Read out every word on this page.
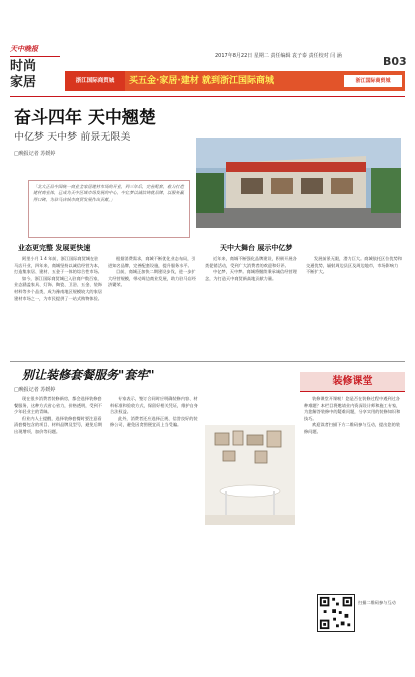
天中晚报
时尚
家居
2017年8月22日 星期二 责任编辑 袁子泰 责任校对 闫 涵	B03
浙江国际商贸城	买五金·家居·建材 就到浙江国际商城	浙江国际商贸城
奋斗四年 天中翘楚
中亿梦 天中梦 前景无限美
□晚报记者 苏媛婷
「北大正品中国统一商业金家居建材市场的开业，到三年后，完善配套，着力打造建材商业体，已成为天中区域市场发展的中心，中亿梦以诚信铸就品牌，以服务赢得口碑，为驻马店城市商贸发展作出贡献，」
业态更完整 发展更快速	天中大舞台 展示中亿梦

阿里小月 1 4 年前，浙江国际商贸城在驻马店开业，四年来，商城坚持以诚信经营为本，打造集家居、建材、五金于一体的综合性市场。

如今，浙江国际商贸城已入驻商户数百家，业态涵盖家具、灯饰、陶瓷、卫浴、五金、装饰材料等多个品类，成为豫南地区规模较大的家居建材市场之一，为市民提供了一站式购物体验。

根据消费需求，商城不断优化业态布局，引进知名品牌，完善配套设施，提升服务水平。

目前，商城正加快二期建设步伐，进一步扩大经营规模，带动周边商业发展，助力驻马店经济繁荣。

近年来，商城不断强化品牌建设，积极开展各类促销活动，受到广大消费者的欢迎和好评。

中亿梦，天中梦。商城将继续秉承诚信经营理念，为打造天中商贸新高地贡献力量。

发展前景无限，潜力巨大。商城依托区位优势和交通优势，辐射周边县区及周边地市，市场影响力不断扩大。

别让装修套餐服务"套牢"
□晚报记者 苏媛婷

现在很多消费者装修新房，都会选择装修套餐服务，这种方式省心省力，价格透明，受到不少年轻业主的青睐。

但业内人士提醒，选择装修套餐时要注意看清套餐包含的项目、材料品牌及型号，避免后期出现增项、加价等问题。

专家表示，签订合同时应明确装修内容、材料标准和验收方式，保留好相关凭证，维护自身合法权益。

此外，消费者还应选择正规、信誉良好的装修公司，避免因贪图便宜而上当受骗。

装修课堂

装修课堂开课啦！您是否在装修过程中遇到过各种难题？本栏目将邀请业内资深设计师和施工专家，为您解答装修中的疑难问题，分享实用的装修知识和技巧。

欢迎读者扫描下方二维码参与互动，提出您的装修问题。

扫描二维码参与互动
